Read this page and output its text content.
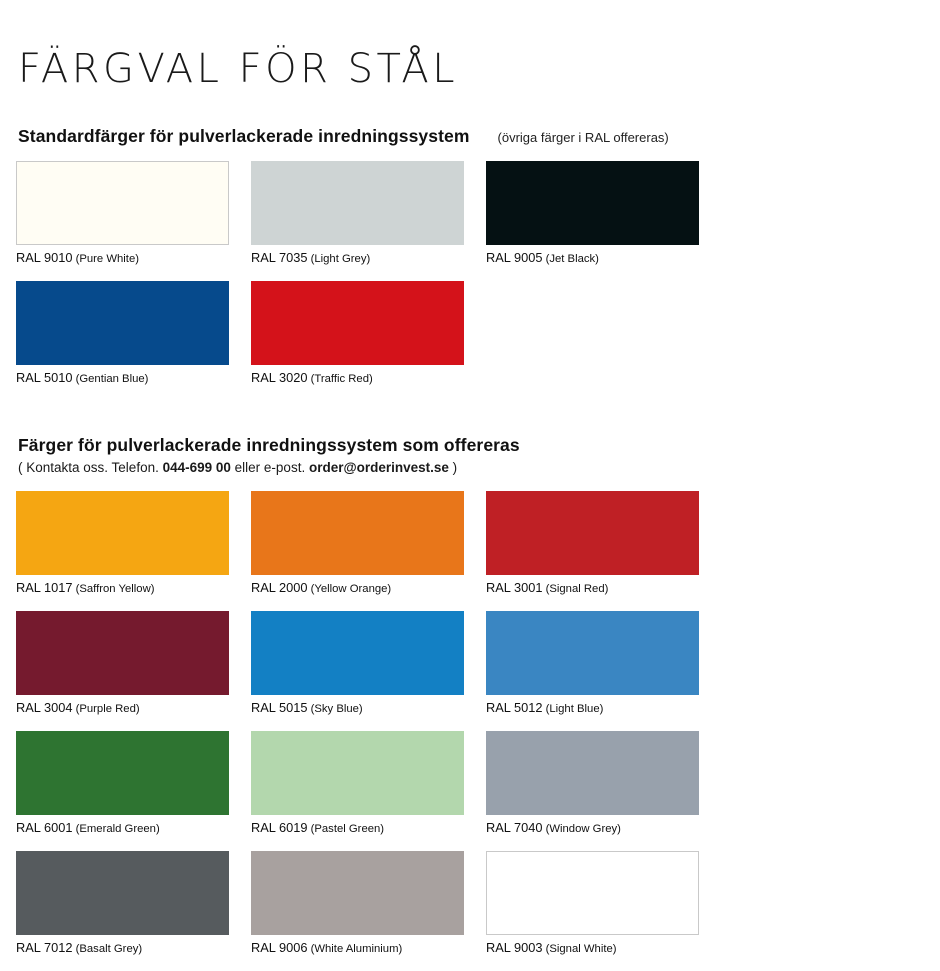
FÄRGVAL FÖR STÅL
Standardfärger för pulverlackerade inredningssystem (övriga färger i RAL offereras)
RAL 9010 (Pure White)	RAL 7035 (Light Grey)	RAL 9005 (Jet Black)
RAL 5010 (Gentian Blue)	RAL 3020 (Traffic Red)
Färger för pulverlackerade inredningssystem som offereras
( Kontakta oss. Telefon. 044-699 00 eller e-post. order@orderinvest.se )
RAL 1017 (Saffron Yellow)	RAL 2000 (Yellow Orange)	RAL 3001 (Signal Red)
RAL 3004 (Purple Red)	RAL 5015 (Sky Blue)	RAL 5012 (Light Blue)
RAL 6001 (Emerald Green)	RAL 6019 (Pastel Green)	RAL 7040 (Window Grey)
RAL 7012 (Basalt Grey)	RAL 9006 (White Aluminium)	RAL 9003 (Signal White)
